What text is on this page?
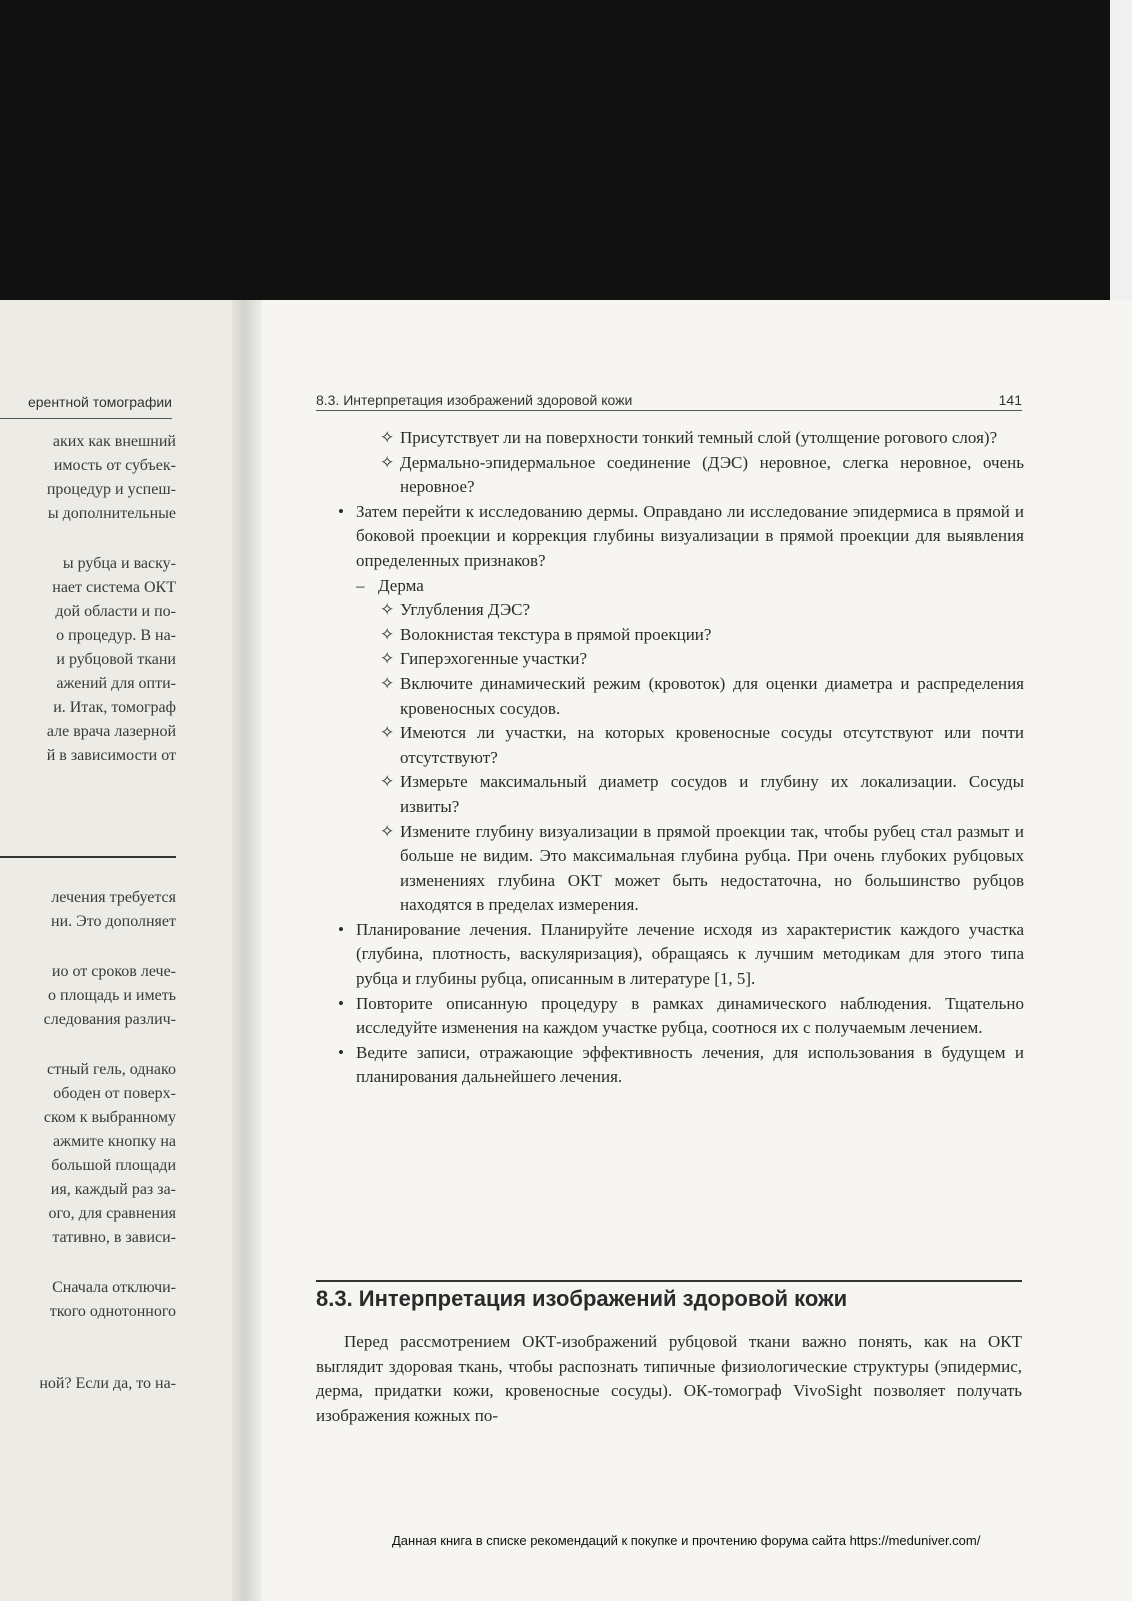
ерентной томографии
аких как внешний
имость от субъек-
процедур и успеш-
ы дополнительные
ы рубца и васку-
нает система ОКТ
дой области и по-
о процедур. В на-
и рубцовой ткани
ажений для опти-
и. Итак, томограф
але врача лазерной
й в зависимости от
лечения требуется
ни. Это дополняет
ио от сроков лече-
о площадь и иметь
следования различ-
стный гель, однако
ободен от поверх-
ском к выбранному
ажмите кнопку на
большой площади
ия, каждый раз за-
ого, для сравнения
тативно, в зависи-
Сначала отключи-
ткого однотонного
ной? Если да, то на-
8.3. Интерпретация изображений здоровой кожи	141
✧ Присутствует ли на поверхности тонкий темный слой (утолщение рогового слоя)?
✧ Дермально-эпидермальное соединение (ДЭС) неровное, слегка неровное, очень неровное?
• Затем перейти к исследованию дермы. Оправдано ли исследование эпидермиса в прямой и боковой проекции и коррекция глубины визуализации в прямой проекции для выявления определенных признаков?
– Дерма
✧ Углубления ДЭС?
✧ Волокнистая текстура в прямой проекции?
✧ Гиперэхогенные участки?
✧ Включите динамический режим (кровоток) для оценки диаметра и распределения кровеносных сосудов.
✧ Имеются ли участки, на которых кровеносные сосуды отсутствуют или почти отсутствуют?
✧ Измерьте максимальный диаметр сосудов и глубину их локализации. Сосуды извиты?
✧ Измените глубину визуализации в прямой проекции так, чтобы рубец стал размыт и больше не видим. Это максимальная глубина рубца. При очень глубоких рубцовых изменениях глубина ОКТ может быть недостаточна, но большинство рубцов находятся в пределах измерения.
• Планирование лечения. Планируйте лечение исходя из характеристик каждого участка (глубина, плотность, васкуляризация), обращаясь к лучшим методикам для этого типа рубца и глубины рубца, описанным в литературе [1, 5].
• Повторите описанную процедуру в рамках динамического наблюдения. Тщательно исследуйте изменения на каждом участке рубца, соотнося их с получаемым лечением.
• Ведите записи, отражающие эффективность лечения, для использования в будущем и планирования дальнейшего лечения.
8.3. Интерпретация изображений здоровой кожи
Перед рассмотрением ОКТ-изображений рубцовой ткани важно понять, как на ОКТ выглядит здоровая ткань, чтобы распознать типичные физиологические структуры (эпидермис, дерма, придатки кожи, кровеносные сосуды). ОК-томограф VivoSight позволяет получать изображения кожных по-
Данная книга в списке рекомендаций к покупке и прочтению форума сайта https://meduniver.com/
